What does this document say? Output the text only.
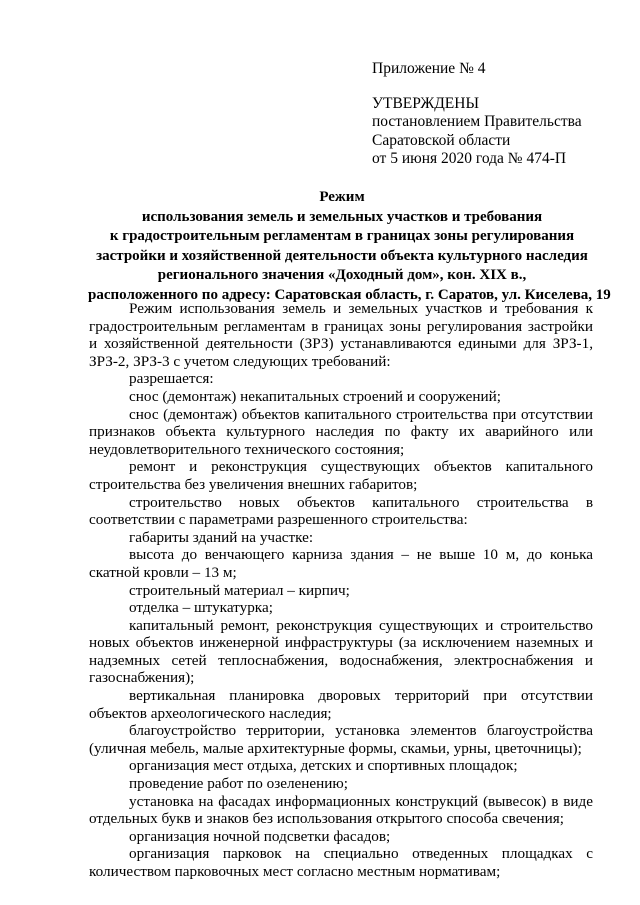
Приложение № 4
УТВЕРЖДЕНЫ
постановлением Правительства
Саратовской области
от 5 июня 2020 года № 474-П
Режим
использования земель и земельных участков и требования
к градостроительным регламентам в границах зоны регулирования
застройки и хозяйственной деятельности объекта культурного наследия
регионального значения «Доходный дом», кон. XIX в.,
расположенного по адресу: Саратовская область, г. Саратов, ул. Киселева, 19

Режим использования земель и земельных участков и требования к градостроительным регламентам в границах зоны регулирования застройки и хозяйственной деятельности (ЗРЗ) устанавливаются едиными для ЗРЗ-1, ЗРЗ-2, ЗРЗ-3 с учетом следующих требований:

разрешается:

снос (демонтаж) некапитальных строений и сооружений;

снос (демонтаж) объектов капитального строительства при отсутствии признаков объекта культурного наследия по факту их аварийного или неудовлетворительного технического состояния;

ремонт и реконструкция существующих объектов капитального строительства без увеличения внешних габаритов;

строительство новых объектов капитального строительства в соответствии с параметрами разрешенного строительства:

габариты зданий на участке:

высота до венчающего карниза здания – не выше 10 м, до конька скатной кровли – 13 м;

строительный материал – кирпич;

отделка – штукатурка;

капитальный ремонт, реконструкция существующих и строительство новых объектов инженерной инфраструктуры (за исключением наземных и надземных сетей теплоснабжения, водоснабжения, электроснабжения и газоснабжения);

вертикальная планировка дворовых территорий при отсутствии объектов археологического наследия;

благоустройство территории, установка элементов благоустройства (уличная мебель, малые архитектурные формы, скамьи, урны, цветочницы);

организация мест отдыха, детских и спортивных площадок;

проведение работ по озеленению;

установка на фасадах информационных конструкций (вывесок) в виде отдельных букв и знаков без использования открытого способа свечения;

организация ночной подсветки фасадов;

организация парковок на специально отведенных площадках с количеством парковочных мест согласно местным нормативам;
